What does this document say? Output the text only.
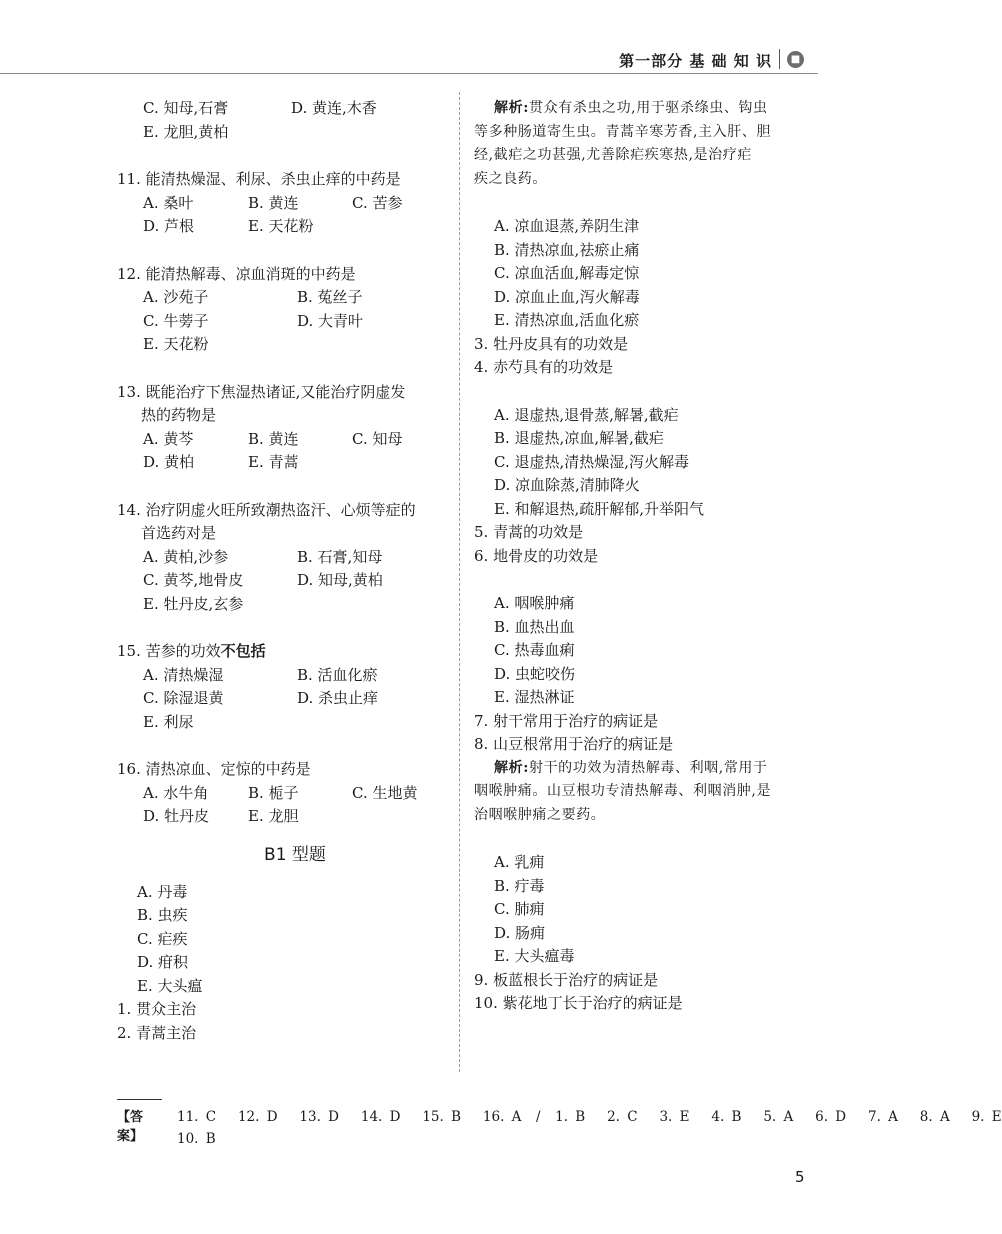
第一部分 基 础 知 识	■
C. 知母,石膏	D. 黄连,木香
E. 龙胆,黄柏
11. 能清热燥湿、利尿、杀虫止痒的中药是
A. 桑叶	B. 黄连	C. 苦参
D. 芦根	E. 天花粉
12. 能清热解毒、凉血消斑的中药是
A. 沙苑子	B. 菟丝子
C. 牛蒡子	D. 大青叶
E. 天花粉
13. 既能治疗下焦湿热诸证,又能治疗阴虚发
热的药物是
A. 黄芩	B. 黄连	C. 知母
D. 黄柏	E. 青蒿
14. 治疗阴虚火旺所致潮热盗汗、心烦等症的
首选药对是
A. 黄柏,沙参	B. 石膏,知母
C. 黄芩,地骨皮	D. 知母,黄柏
E. 牡丹皮,玄参
15. 苦参的功效不包括
A. 清热燥湿	B. 活血化瘀
C. 除湿退黄	D. 杀虫止痒
E. 利尿
16. 清热凉血、定惊的中药是
A. 水牛角	B. 栀子	C. 生地黄
D. 牡丹皮	E. 龙胆
B1 型题
A. 丹毒
B. 虫疾
C. 疟疾
D. 疳积
E. 大头瘟
1. 贯众主治
2. 青蒿主治
解析:贯众有杀虫之功,用于驱杀绦虫、钩虫
等多种肠道寄生虫。青蒿辛寒芳香,主入肝、胆
经,截疟之功甚强,尤善除疟疾寒热,是治疗疟
疾之良药。
A. 凉血退蒸,养阴生津
B. 清热凉血,祛瘀止痛
C. 凉血活血,解毒定惊
D. 凉血止血,泻火解毒
E. 清热凉血,活血化瘀
3. 牡丹皮具有的功效是
4. 赤芍具有的功效是
A. 退虚热,退骨蒸,解暑,截疟
B. 退虚热,凉血,解暑,截疟
C. 退虚热,清热燥湿,泻火解毒
D. 凉血除蒸,清肺降火
E. 和解退热,疏肝解郁,升举阳气
5. 青蒿的功效是
6. 地骨皮的功效是
A. 咽喉肿痛
B. 血热出血
C. 热毒血痢
D. 虫蛇咬伤
E. 湿热淋证
7. 射干常用于治疗的病证是
8. 山豆根常用于治疗的病证是
解析:射干的功效为清热解毒、利咽,常用于
咽喉肿痛。山豆根功专清热解毒、利咽消肿,是
治咽喉肿痛之要药。
A. 乳痈
B. 疔毒
C. 肺痈
D. 肠痈
E. 大头瘟毒
9. 板蓝根长于治疗的病证是
10. 紫花地丁长于治疗的病证是
【答案】
11. C   12. D   13. D   14. D   15. B   16. A  /  1. B   2. C   3. E   4. B   5. A   6. D   7. A   8. A   9. E
10. B
5
